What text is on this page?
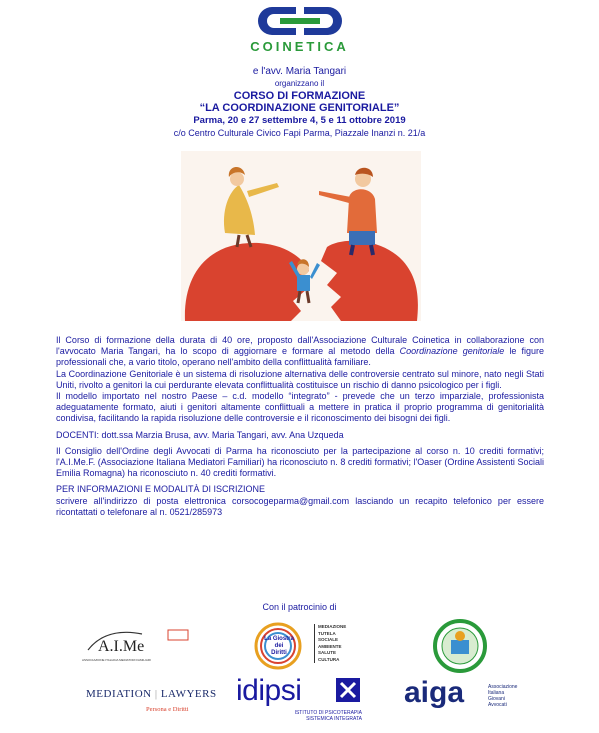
COINETICA
e l'avv. Maria Tangari
organizzano il
CORSO DI FORMAZIONE
“LA COORDINAZIONE GENITORIALE”
Parma, 20 e 27 settembre 4, 5 e 11 ottobre 2019
c/o Centro Culturale Civico Fapi Parma, Piazzale Inanzi n. 21/a

Il Corso di formazione della durata di 40 ore, proposto dall'Associazione Culturale Coinetica in collaborazione con l'avvocato Maria Tangari, ha lo scopo di aggiornare e formare al metodo della Coordinazione genitoriale le figure professionali che, a vario titolo, operano nell'ambito della conflittualità familiare.

La Coordinazione Genitoriale è un sistema di risoluzione alternativa delle controversie centrato sul minore, nato negli Stati Uniti, rivolto a genitori la cui perdurante elevata conflittualità costituisce un rischio di danno psicologico per i figli.

Il modello importato nel nostro Paese – c.d. modello “integrato” - prevede che un terzo imparziale, professionista adeguatamente formato, aiuti i genitori altamente conflittuali a mettere in pratica il proprio programma di genitorialità condivisa, facilitando la rapida risoluzione delle controversie e il riconoscimento dei bisogni dei figli.

DOCENTI: dott.ssa Marzia Brusa, avv. Maria Tangari, avv. Ana Uzqueda

Il Consiglio dell'Ordine degli Avvocati di Parma ha riconosciuto per la partecipazione al corso n. 10 crediti formativi; l'A.I.Me.F. (Associazione Italiana Mediatori Familiari) ha riconosciuto n. 8 crediti formativi; l'Oaser (Ordine Assistenti Sociali Emilia Romagna) ha riconosciuto n. 40 crediti formativi.

PER INFORMAZIONI E MODALITÀ DI ISCRIZIONE

scrivere all'indirizzo di posta elettronica corsocogeparma@gmail.com lasciando un recapito telefonico per essere ricontattati o telefonare al n. 0521/285973

Con il patrocinio di
A.I.Me
ASSOCIAZIONE ITALIANA MEDIATORI FAMILIARI
La Giostra
dei
Diritti
MEDIAZIONE
TUTELA
SOCIALE
AMBIENTE
SALUTE
CULTURA
MEDIATION | LAWYERS
Persona e Diritti
idipsi
ISTITUTO DI PSICOTERAPIA
SISTEMICA INTEGRATA
aiga	Associazione
Italiana
Giovani
Avvocati
